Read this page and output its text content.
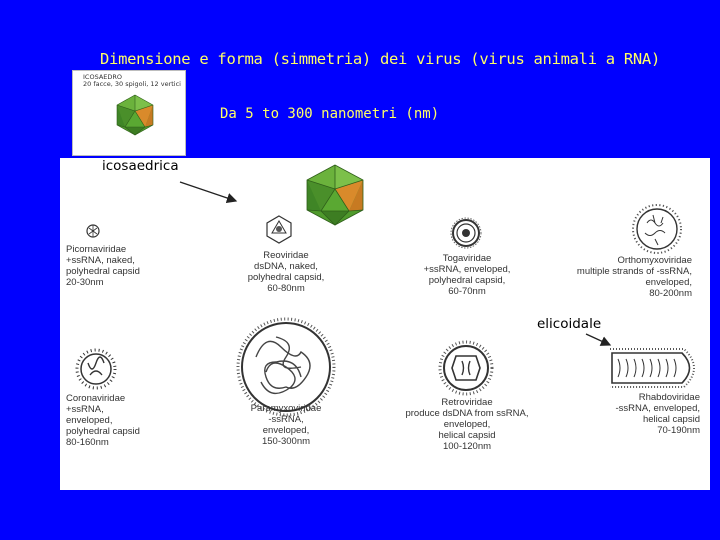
Dimensione e forma (simmetria) dei virus (virus animali a RNA)
ICOSAEDRO
20 facce, 30 spigoli, 12 vertici
Da 5 to 300 nanometri (nm)
icosaedrica
elicoidale
Picornaviridae
+ssRNA, naked,
polyhedral capsid
20-30nm
Reoviridae
dsDNA, naked,
polyhedral capsid,
60-80nm
Togaviridae
+ssRNA, enveloped,
polyhedral capsid,
60-70nm
Orthomyxoviridae
multiple strands of -ssRNA,
enveloped,
80-200nm
Coronaviridae
+ssRNA,
enveloped,
polyhedral capsid
80-160nm
Paramyxoviridae
-ssRNA,
enveloped,
150-300nm
Retroviridae
produce dsDNA from ssRNA,
enveloped,
helical capsid
100-120nm
Rhabdoviridae
-ssRNA, enveloped,
helical capsid
70-190nm
